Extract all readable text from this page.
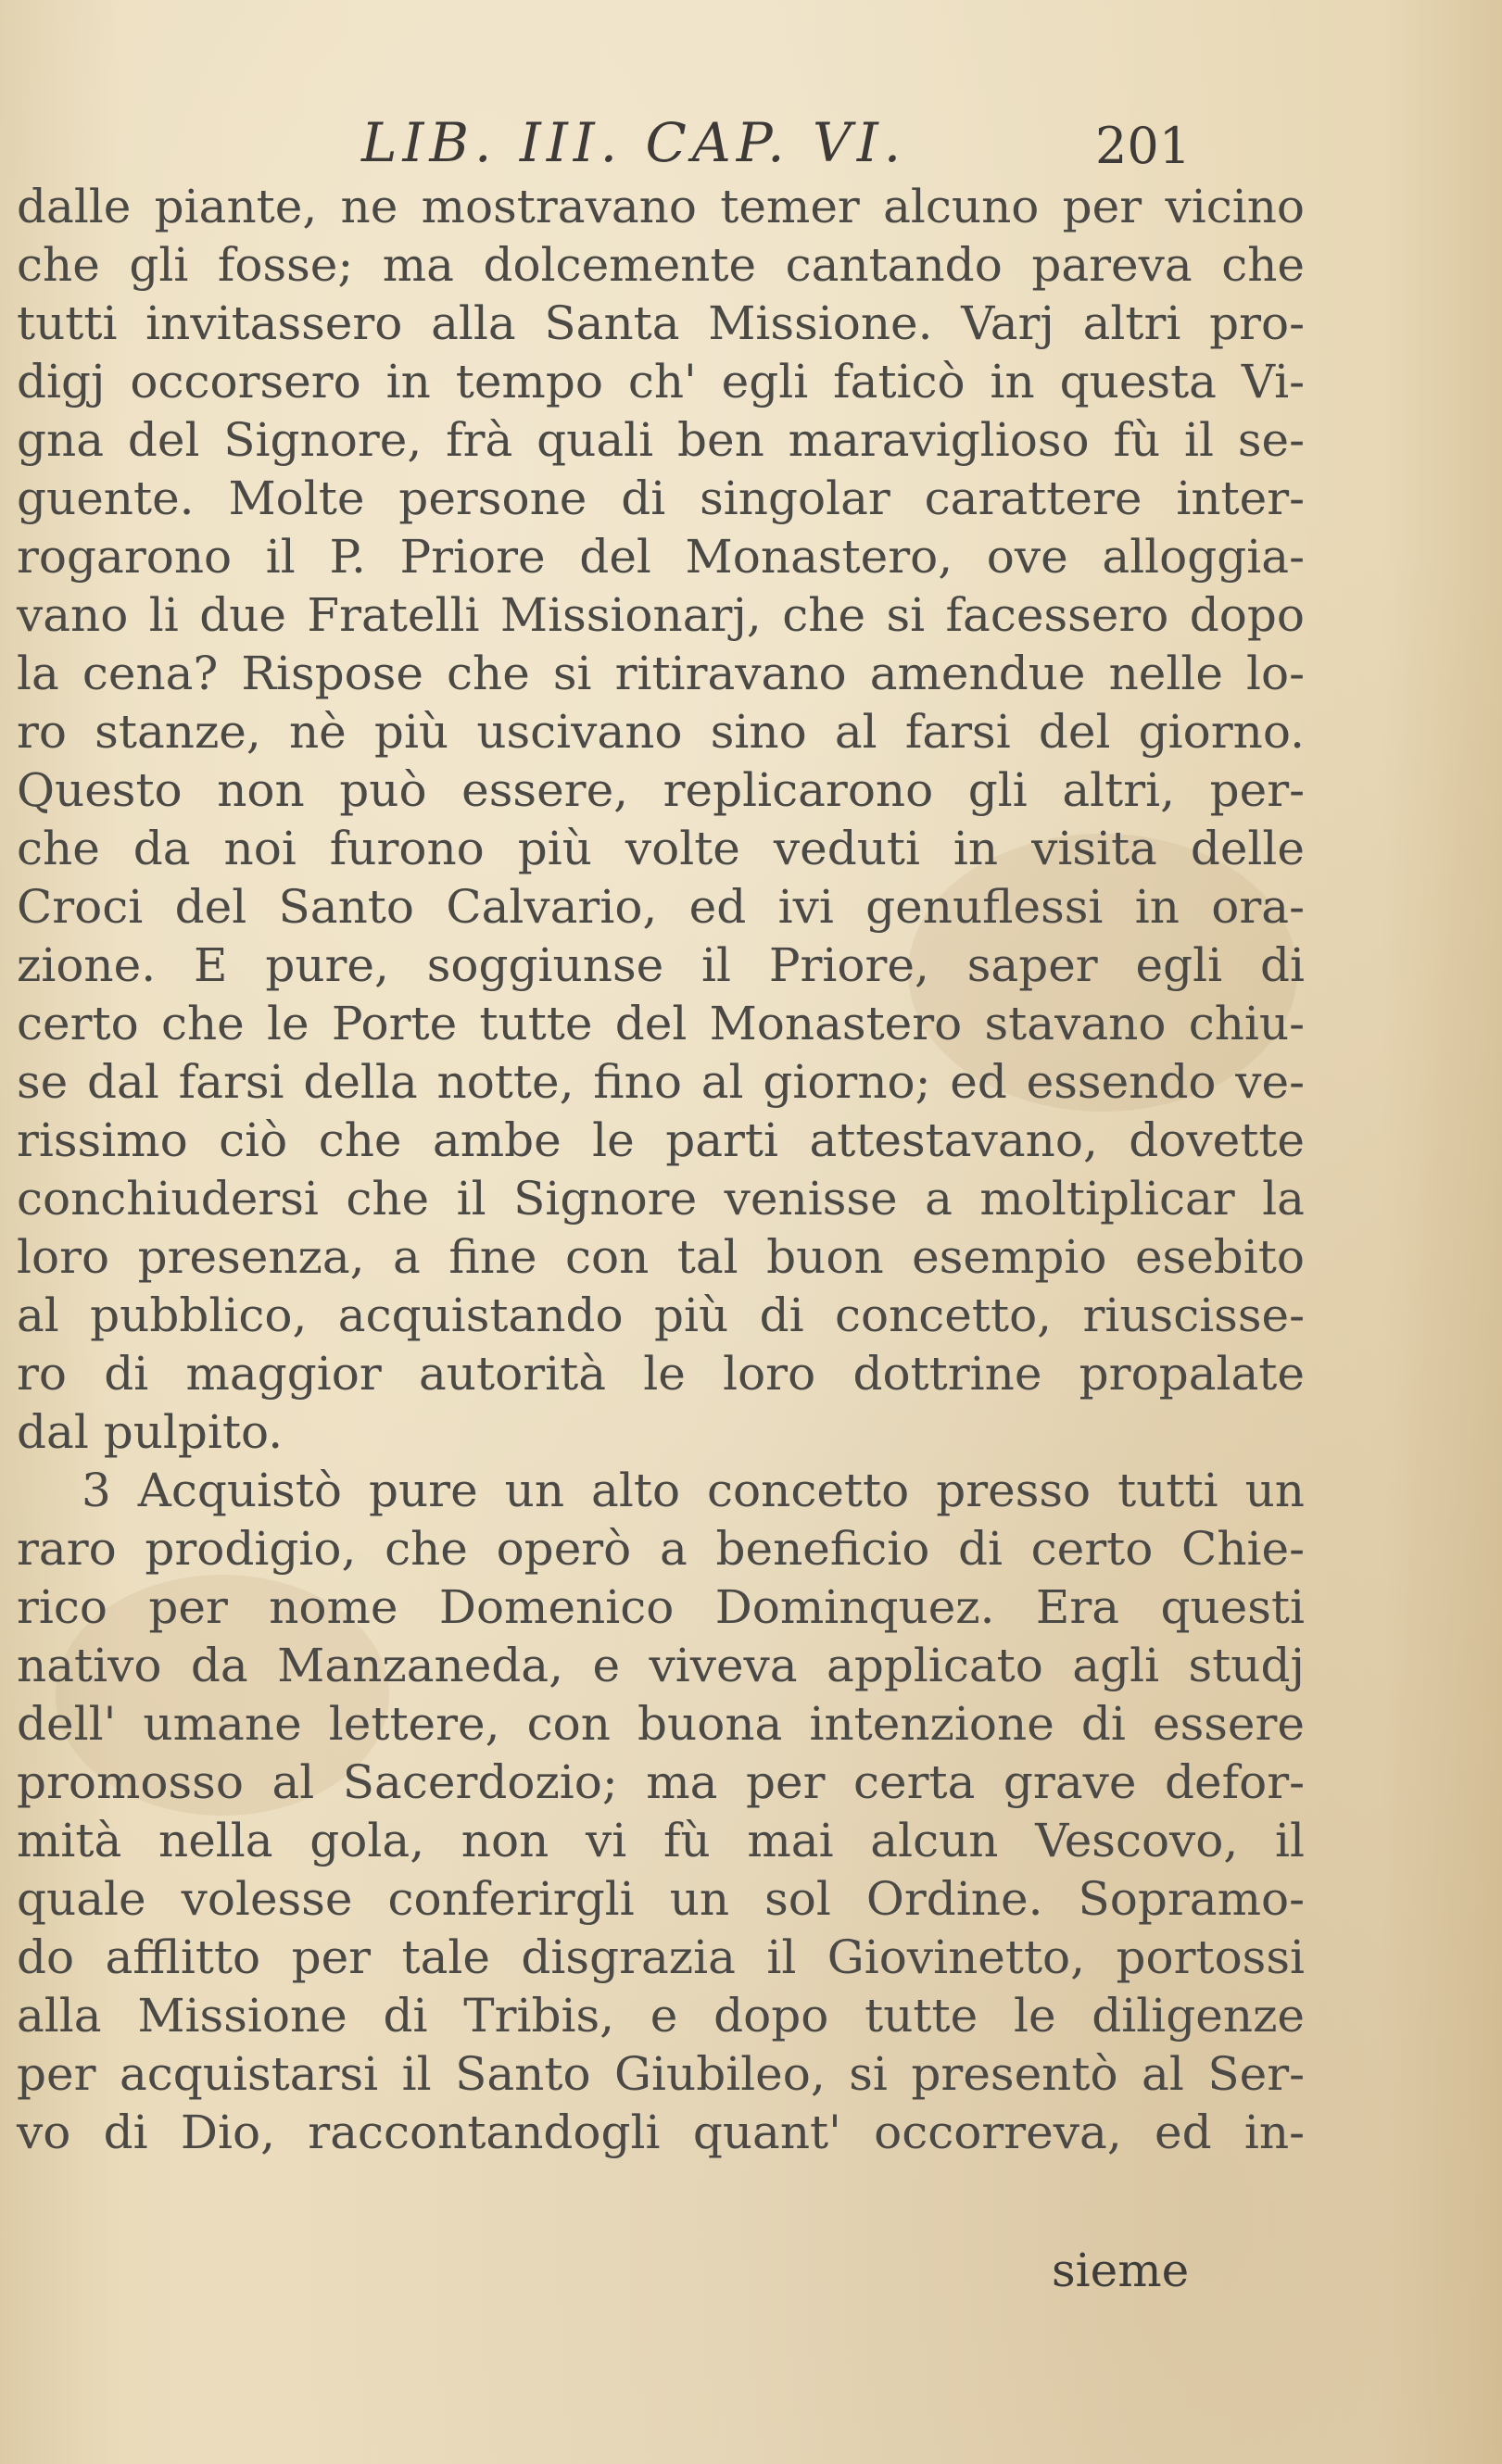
LIB. III. CAP. VI.	201
dalle piante, ne mostravano temer alcuno per vicino
che gli fosse; ma dolcemente cantando pareva che
tutti invitassero alla Santa Missione. Varj altri pro-
digj occorsero in tempo ch' egli faticò in questa Vi-
gna del Signore, frà quali ben maraviglioso fù il se-
guente. Molte persone di singolar carattere inter-
rogarono il P. Priore del Monastero, ove alloggia-
vano li due Fratelli Missionarj, che si facessero dopo
la cena? Rispose che si ritiravano amendue nelle lo-
ro stanze, nè più uscivano sino al farsi del giorno.
Questo non può essere, replicarono gli altri, per-
che da noi furono più volte veduti in visita delle
Croci del Santo Calvario, ed ivi genuflessi in ora-
zione. E pure, soggiunse il Priore, saper egli di
certo che le Porte tutte del Monastero stavano chiu-
se dal farsi della notte, fino al giorno; ed essendo ve-
rissimo ciò che ambe le parti attestavano, dovette
conchiudersi che il Signore venisse a moltiplicar la
loro presenza, a fine con tal buon esempio esebito
al pubblico, acquistando più di concetto, riuscisse-
ro di maggior autorità le loro dottrine propalate
dal pulpito.
3 Acquistò pure un alto concetto presso tutti un
raro prodigio, che operò a beneficio di certo Chie-
rico per nome Domenico Dominquez. Era questi
nativo da Manzaneda, e viveva applicato agli studj
dell' umane lettere, con buona intenzione di essere
promosso al Sacerdozio; ma per certa grave defor-
mità nella gola, non vi fù mai alcun Vescovo, il
quale volesse conferirgli un sol Ordine. Sopramo-
do afflitto per tale disgrazia il Giovinetto, portossi
alla Missione di Tribis, e dopo tutte le diligenze
per acquistarsi il Santo Giubileo, si presentò al Ser-
vo di Dio, raccontandogli quant' occorreva, ed in-
sieme
